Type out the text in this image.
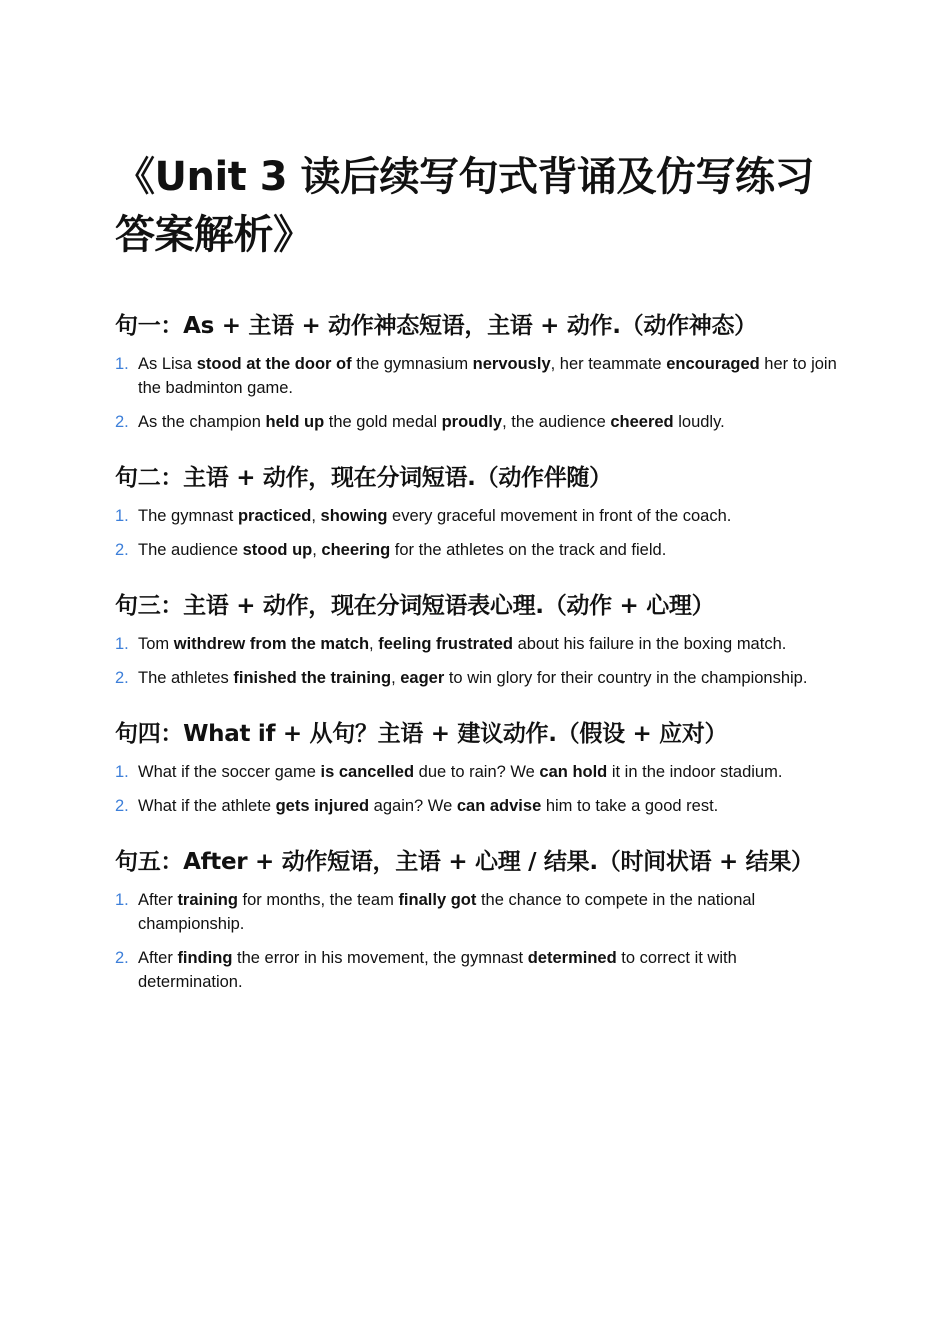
《Unit 3 读后续写句式背诵及仿写练习答案解析》
句一：As + 主语 + 动作神态短语，主语 + 动作.（动作神态）
1. As Lisa stood at the door of the gymnasium nervously, her teammate encouraged her to join the badminton game.
2. As the champion held up the gold medal proudly, the audience cheered loudly.
句二：主语 + 动作，现在分词短语.（动作伴随）
1. The gymnast practiced, showing every graceful movement in front of the coach.
2. The audience stood up, cheering for the athletes on the track and field.
句三：主语 + 动作，现在分词短语表心理.（动作 + 心理）
1. Tom withdrew from the match, feeling frustrated about his failure in the boxing match.
2. The athletes finished the training, eager to win glory for their country in the championship.
句四：What if + 从句？主语 + 建议动作.（假设 + 应对）
1. What if the soccer game is cancelled due to rain? We can hold it in the indoor stadium.
2. What if the athlete gets injured again? We can advise him to take a good rest.
句五：After + 动作短语，主语 + 心理 / 结果.（时间状语 + 结果）
1. After training for months, the team finally got the chance to compete in the national championship.
2. After finding the error in his movement, the gymnast determined to correct it with determination.
